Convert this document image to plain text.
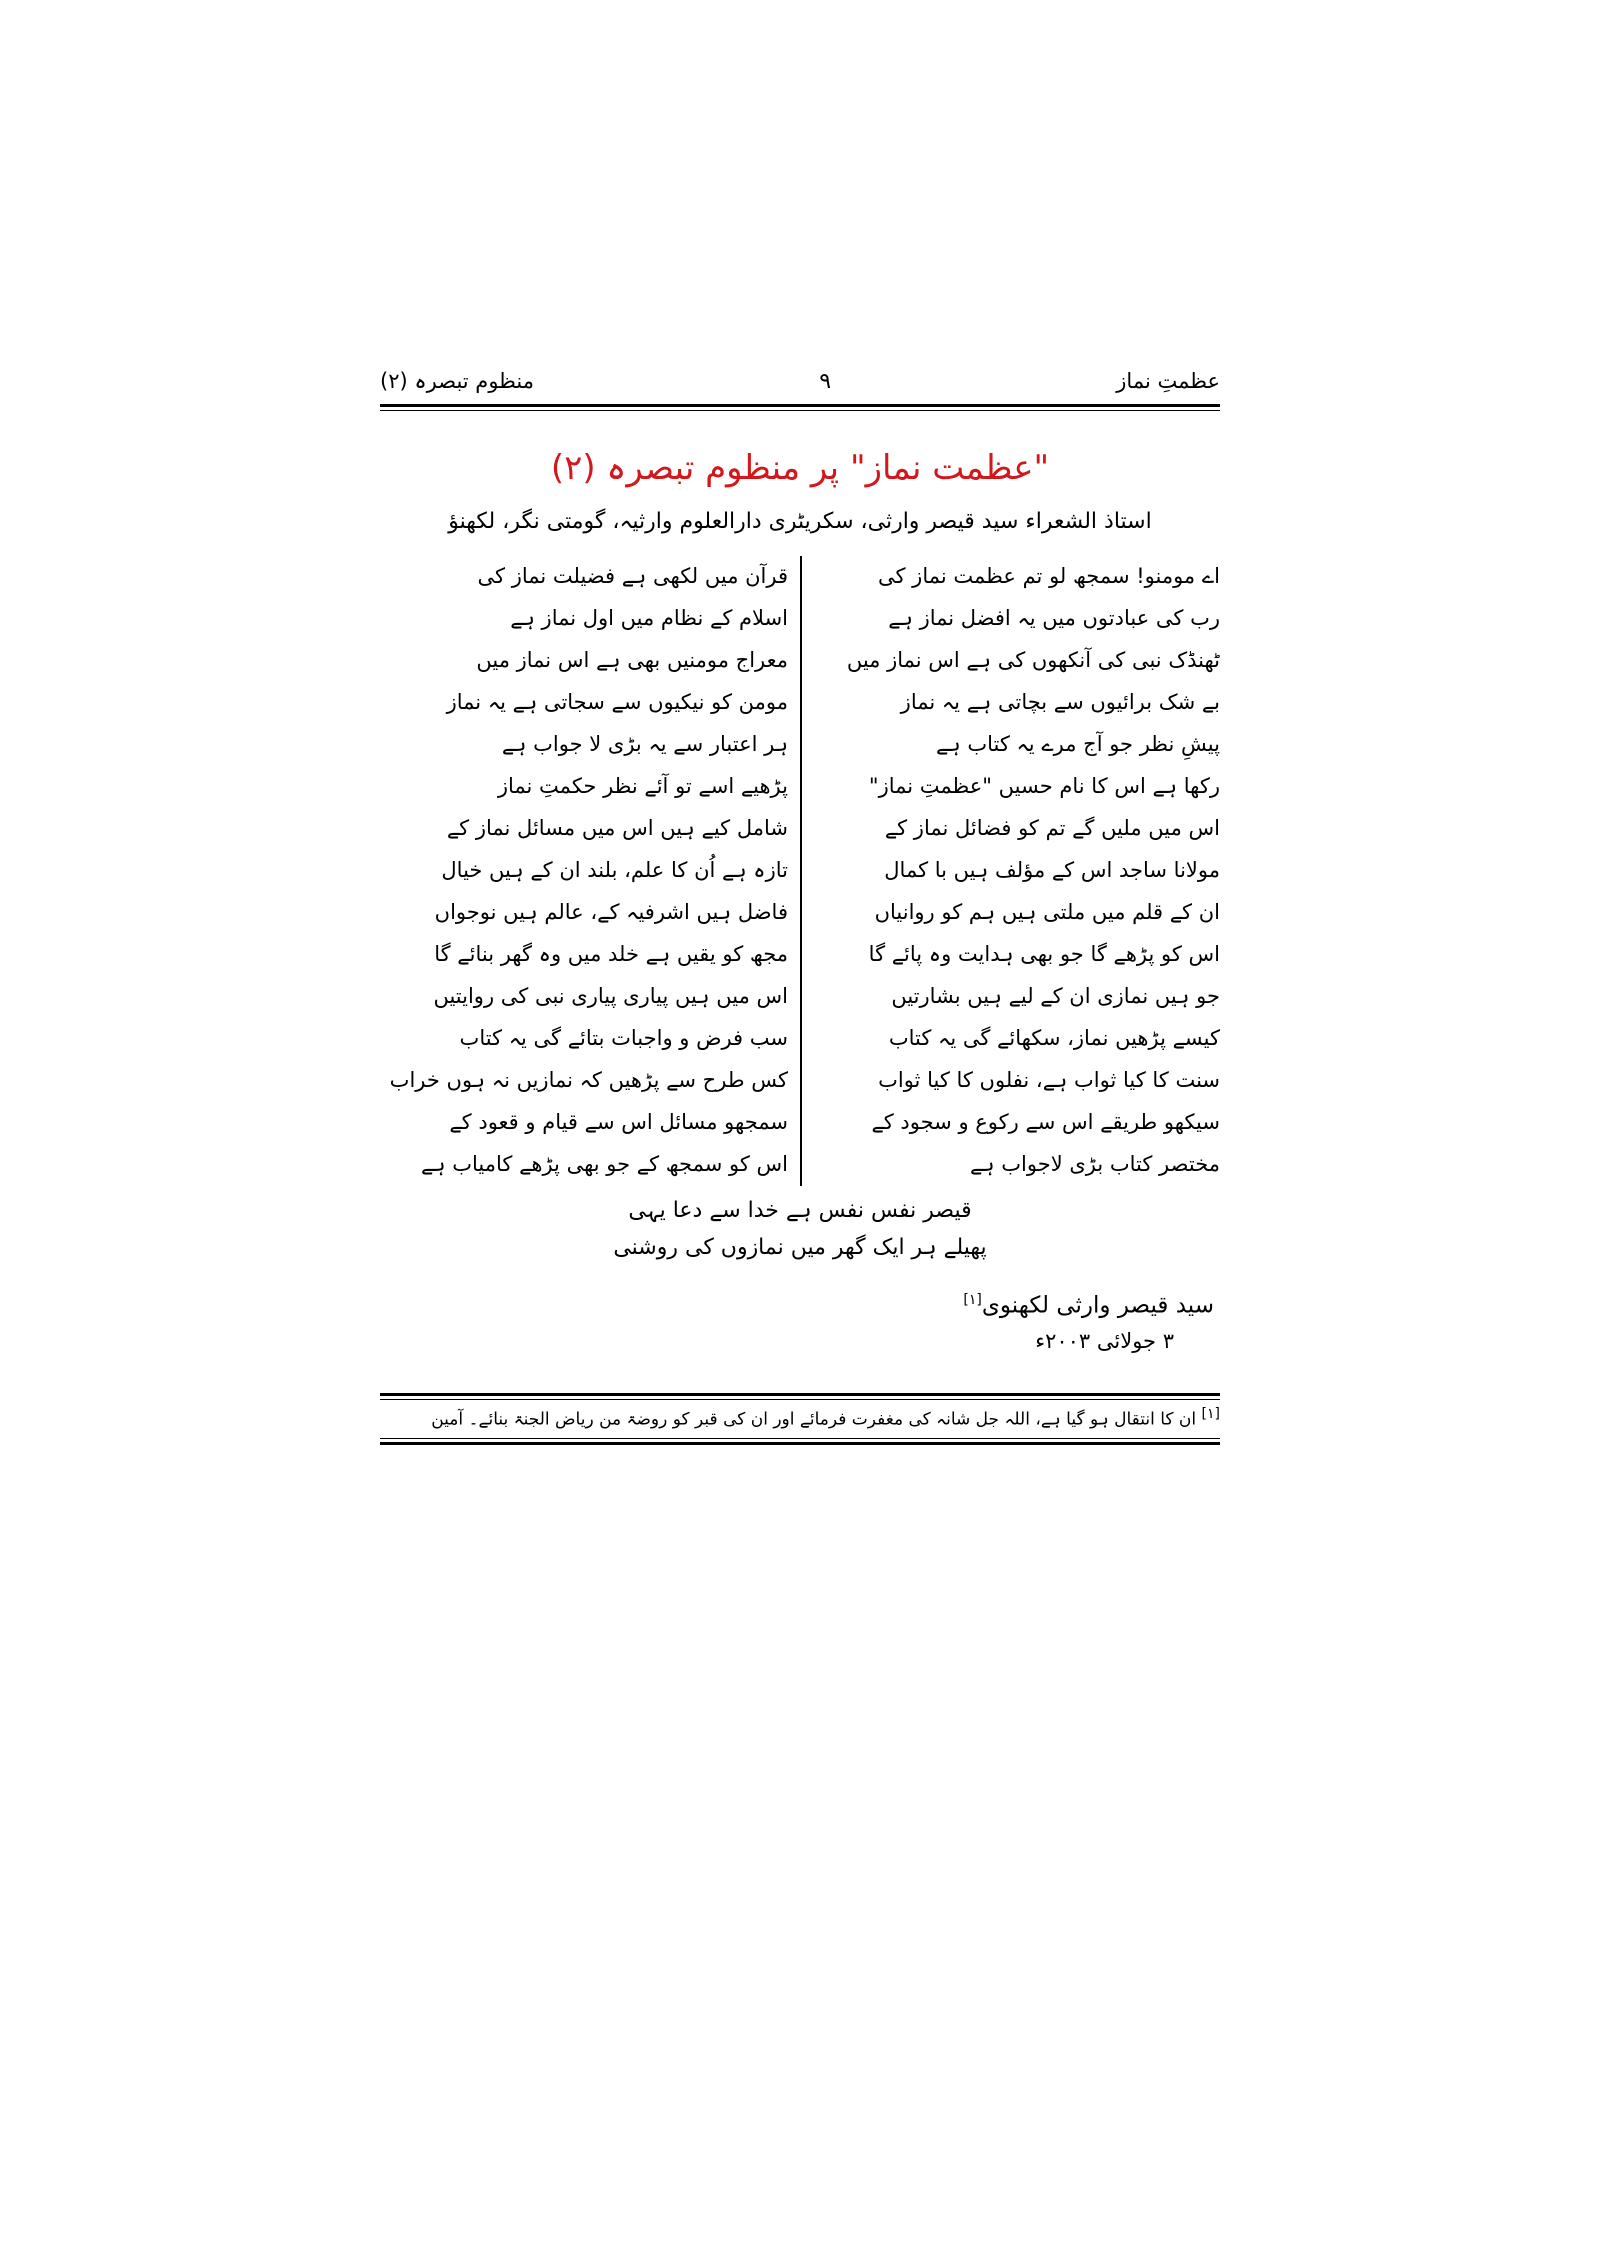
عظمتِ نماز
٩
منظوم تبصرہ (۲)
"عظمت نماز" پر منظوم تبصرہ (۲)
استاذ الشعراء سید قیصر وارثی، سکریٹری دارالعلوم وارثیہ، گومتی نگر، لکھنؤ
اے مومنو! سمجھ لو تم عظمت نماز کی
رب کی عبادتوں میں یہ افضل نماز ہے
ٹھنڈک نبی کی آنکھوں کی ہے اس نماز میں
بے شک برائیوں سے بچاتی ہے یہ نماز
پیشِ نظر جو آج مرے یہ کتاب ہے
رکھا ہے اس کا نام حسیں "عظمتِ نماز"
اس میں ملیں گے تم کو فضائل نماز کے
مولانا ساجد اس کے مؤلف ہیں با کمال
ان کے قلم میں ملتی ہیں ہم کو روانیاں
اس کو پڑھے گا جو بھی ہدایت وہ پائے گا
جو ہیں نمازی ان کے لیے ہیں بشارتیں
کیسے پڑھیں نماز، سکھائے گی یہ کتاب
سنت کا کیا ثواب ہے، نفلوں کا کیا ثواب
سیکھو طریقے اس سے رکوع و سجود کے
مختصر کتاب بڑی لاجواب ہے
قرآن میں لکھی ہے فضیلت نماز کی
اسلام کے نظام میں اول نماز ہے
معراج مومنیں بھی ہے اس نماز میں
مومن کو نیکیوں سے سجاتی ہے یہ نماز
ہر اعتبار سے یہ بڑی لا جواب ہے
پڑھیے اسے تو آئے نظر حکمتِ نماز
شامل کیے ہیں اس میں مسائل نماز کے
تازہ ہے اُن کا علم، بلند ان کے ہیں خیال
فاضل ہیں اشرفیہ کے، عالم ہیں نوجواں
مجھ کو یقیں ہے خلد میں وہ گھر بنائے گا
اس میں ہیں پیاری پیاری نبی کی روایتیں
سب فرض و واجبات بتائے گی یہ کتاب
کس طرح سے پڑھیں کہ نمازیں نہ ہوں خراب
سمجھو مسائل اس سے قیام و قعود کے
اس کو سمجھ کے جو بھی پڑھے کامیاب ہے
قیصر نفس نفس ہے خدا سے دعا یہی
پھیلے ہر ایک گھر میں نمازوں کی روشنی
سید قیصر وارثی لکھنوی[۱]
۳ جولائی ۲۰۰۳ء
[۱] ان کا انتقال ہو گیا ہے، اللہ جل شانہ کی مغفرت فرمائے اور ان کی قبر کو روضۃ من ریاض الجنۃ بنائے۔ آمین
